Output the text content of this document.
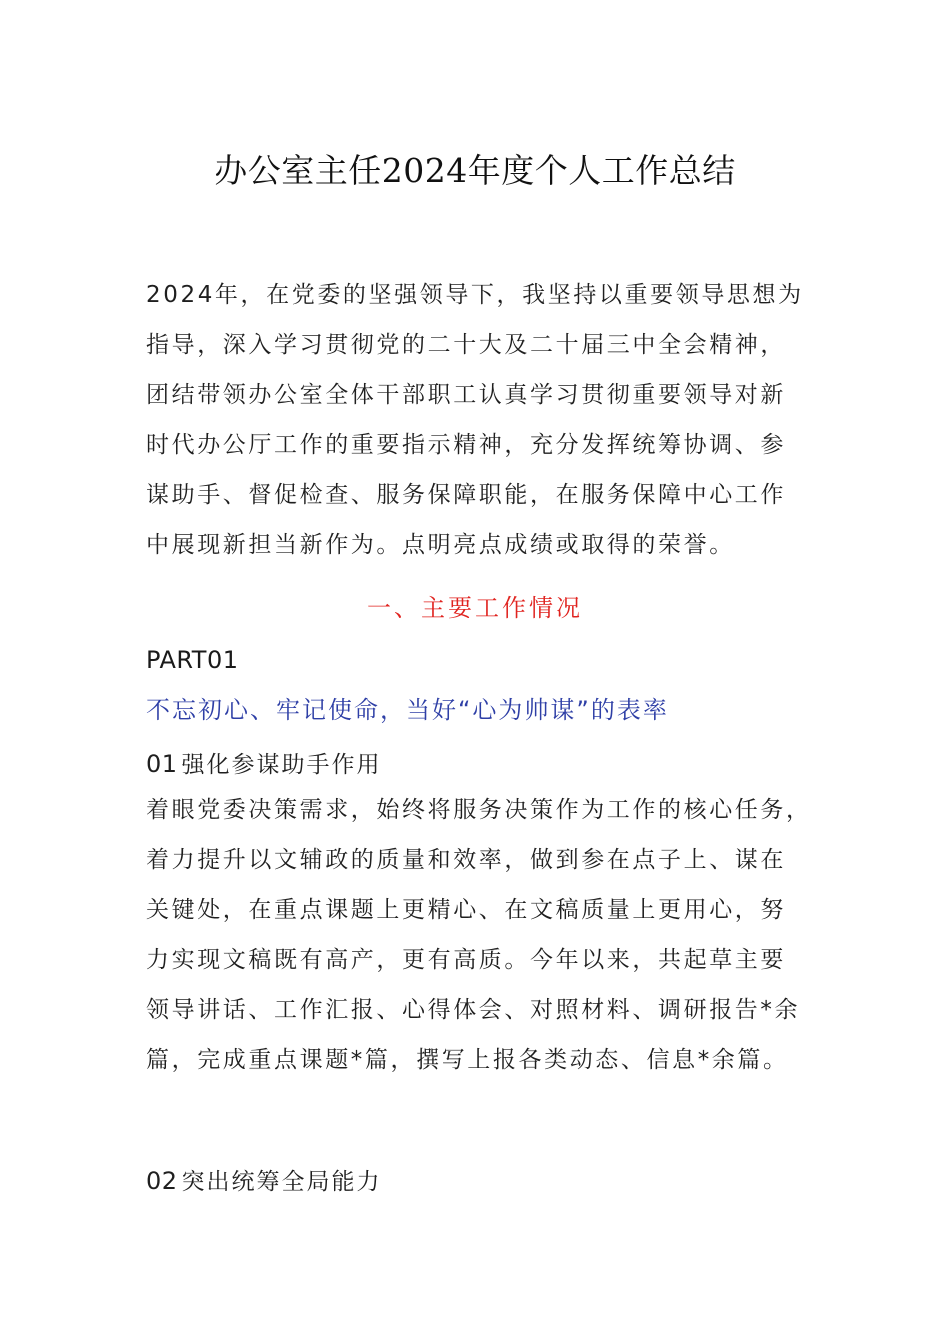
办公室主任2024年度个人工作总结
2024年，在党委的坚强领导下，我坚持以重要领导思想为
指导，深入学习贯彻党的二十大及二十届三中全会精神，
团结带领办公室全体干部职工认真学习贯彻重要领导对新
时代办公厅工作的重要指示精神，充分发挥统筹协调、参
谋助手、督促检查、服务保障职能，在服务保障中心工作
中展现新担当新作为。点明亮点成绩或取得的荣誉。
一、主要工作情况
PART01
不忘初心、牢记使命，当好“心为帅谋”的表率
01 强化参谋助手作用
着眼党委决策需求，始终将服务决策作为工作的核心任务，
着力提升以文辅政的质量和效率，做到参在点子上、谋在
关键处，在重点课题上更精心、在文稿质量上更用心，努
力实现文稿既有高产，更有高质。今年以来，共起草主要
领导讲话、工作汇报、心得体会、对照材料、调研报告*余
篇，完成重点课题*篇，撰写上报各类动态、信息*余篇。
02 突出统筹全局能力
